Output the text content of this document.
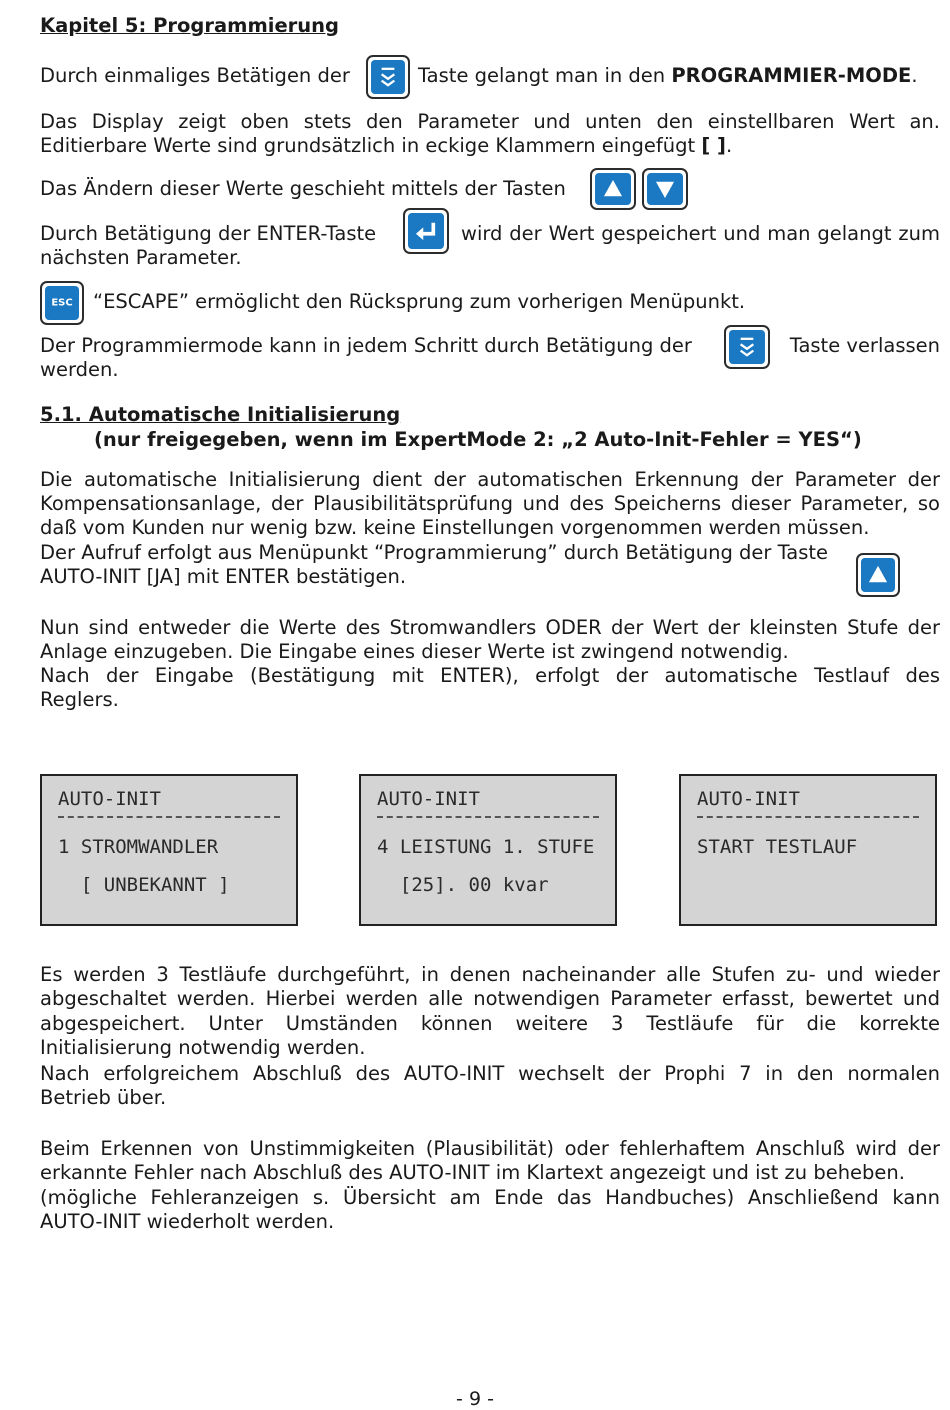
Kapitel 5: Programmierung
Durch einmaliges Betätigen der	Taste gelangt man in den PROGRAMMIER-MODE.
Das Display zeigt oben stets den Parameter und unten den einstellbaren Wert an.
Editierbare Werte sind grundsätzlich in eckige Klammern eingefügt [ ].
Das Ändern dieser Werte geschieht mittels der Tasten
Durch Betätigung der ENTER-Taste	wird der Wert gespeichert und man gelangt zum
nächsten Parameter.
ESC	“ESCAPE” ermöglicht den Rücksprung zum vorherigen Menüpunkt.
Der Programmiermode kann in jedem Schritt durch Betätigung der	Taste verlassen
werden.
5.1. Automatische Initialisierung
(nur freigegeben, wenn im ExpertMode 2: „2 Auto-Init-Fehler = YES“)
Die automatische Initialisierung dient der automatischen Erkennung der Parameter der
Kompensationsanlage, der Plausibilitätsprüfung und des Speicherns dieser Parameter, so
daß vom Kunden nur wenig bzw. keine Einstellungen vorgenommen werden müssen.
Der Aufruf erfolgt aus Menüpunkt “Programmierung” durch Betätigung der Taste
AUTO-INIT [JA] mit ENTER bestätigen.
Nun sind entweder die Werte des Stromwandlers ODER der Wert der kleinsten Stufe der
Anlage einzugeben. Die Eingabe eines dieser Werte ist zwingend notwendig.
Nach der Eingabe (Bestätigung mit ENTER), erfolgt der automatische Testlauf des
Reglers.
AUTO-INIT
1 STROMWANDLER
[ UNBEKANNT ]
AUTO-INIT
4 LEISTUNG 1. STUFE
[25]. 00 kvar
AUTO-INIT
START TESTLAUF
Es werden 3 Testläufe durchgeführt, in denen nacheinander alle Stufen zu- und wieder
abgeschaltet werden. Hierbei werden alle notwendigen Parameter erfasst, bewertet und
abgespeichert. Unter Umständen können weitere 3 Testläufe für die korrekte
Initialisierung notwendig werden.
Nach erfolgreichem Abschluß des AUTO-INIT wechselt der Prophi 7 in den normalen
Betrieb über.
Beim Erkennen von Unstimmigkeiten (Plausibilität) oder fehlerhaftem Anschluß wird der
erkannte Fehler nach Abschluß des AUTO-INIT im Klartext angezeigt und ist zu beheben.
(mögliche Fehleranzeigen s. Übersicht am Ende das Handbuches) Anschließend kann
AUTO-INIT wiederholt werden.
- 9 -
